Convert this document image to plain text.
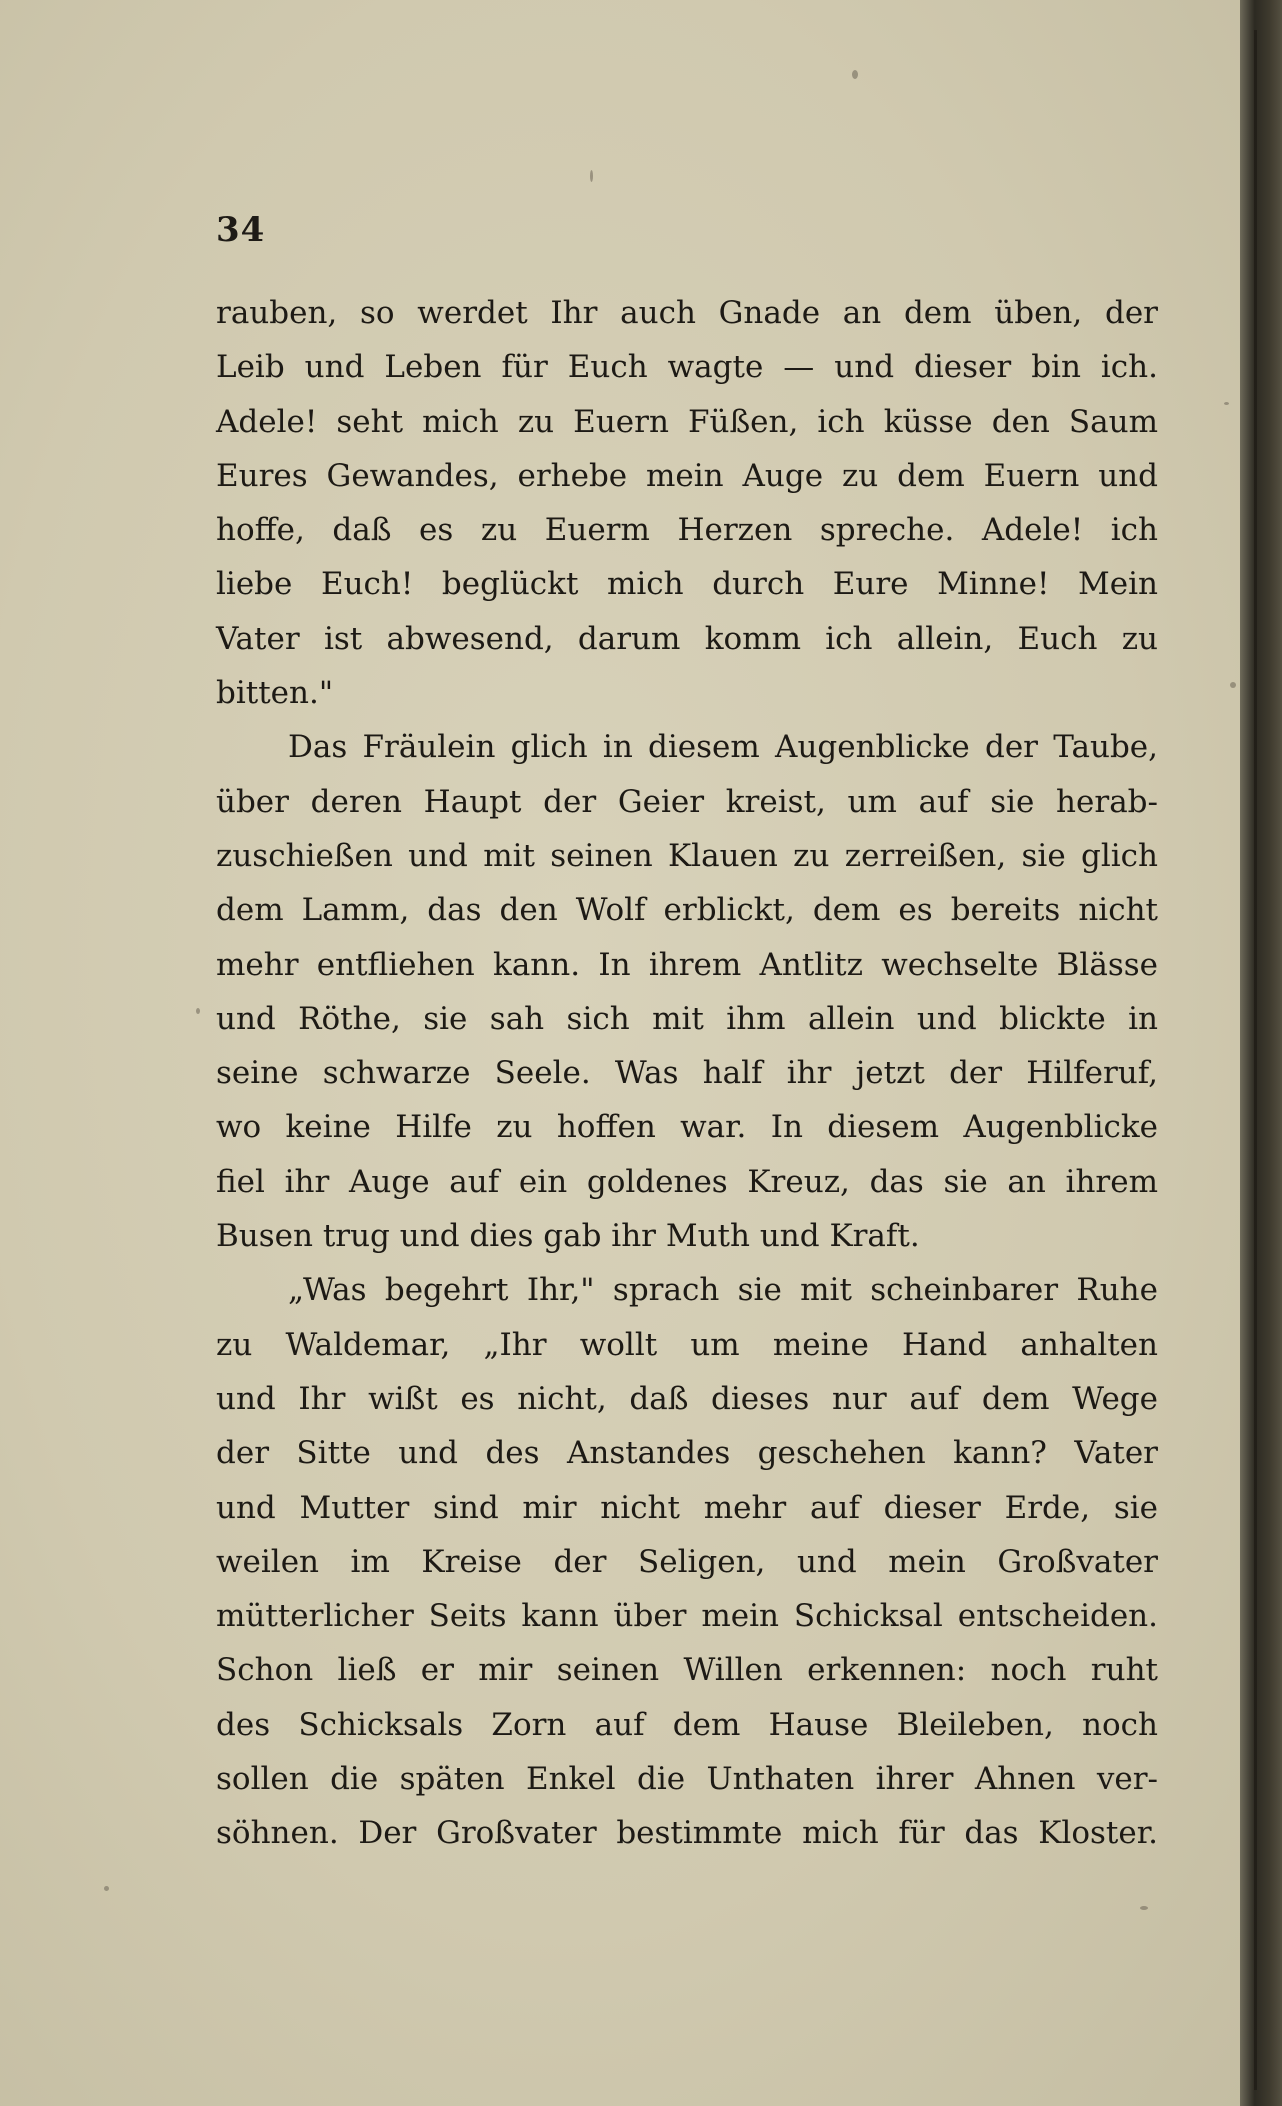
34
rauben, so werdet Ihr auch Gnade an dem üben, der
Leib und Leben für Euch wagte — und dieser bin ich.
Adele! seht mich zu Euern Füßen, ich küsse den Saum
Eures Gewandes, erhebe mein Auge zu dem Euern und
hoffe, daß es zu Euerm Herzen spreche. Adele! ich
liebe Euch! beglückt mich durch Eure Minne! Mein
Vater ist abwesend, darum komm ich allein, Euch zu
bitten."
Das Fräulein glich in diesem Augenblicke der Taube,
über deren Haupt der Geier kreist, um auf sie herab-
zuschießen und mit seinen Klauen zu zerreißen, sie glich
dem Lamm, das den Wolf erblickt, dem es bereits nicht
mehr entfliehen kann. In ihrem Antlitz wechselte Blässe
und Röthe, sie sah sich mit ihm allein und blickte in
seine schwarze Seele. Was half ihr jetzt der Hilferuf,
wo keine Hilfe zu hoffen war. In diesem Augenblicke
fiel ihr Auge auf ein goldenes Kreuz, das sie an ihrem
Busen trug und dies gab ihr Muth und Kraft.
„Was begehrt Ihr," sprach sie mit scheinbarer Ruhe
zu Waldemar, „Ihr wollt um meine Hand anhalten
und Ihr wißt es nicht, daß dieses nur auf dem Wege
der Sitte und des Anstandes geschehen kann? Vater
und Mutter sind mir nicht mehr auf dieser Erde, sie
weilen im Kreise der Seligen, und mein Großvater
mütterlicher Seits kann über mein Schicksal entscheiden.
Schon ließ er mir seinen Willen erkennen: noch ruht
des Schicksals Zorn auf dem Hause Bleileben, noch
sollen die späten Enkel die Unthaten ihrer Ahnen ver-
söhnen. Der Großvater bestimmte mich für das Kloster.
